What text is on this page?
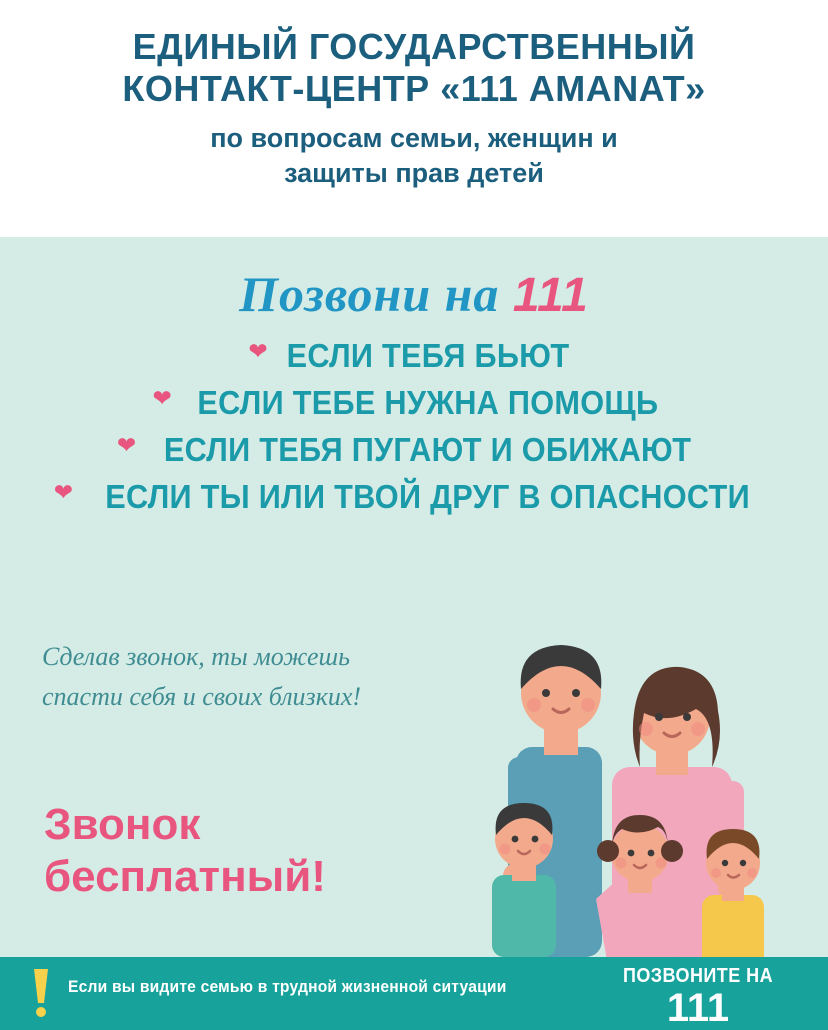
ЕДИНЫЙ ГОСУДАРСТВЕННЫЙ
КОНТАКТ-ЦЕНТР «111 AMANAT»
по вопросам семьи, женщин и
защиты прав детей
Позвони на 111
❤ ЕСЛИ ТЕБЯ БЬЮТ
❤ ЕСЛИ ТЕБЕ НУЖНА ПОМОЩЬ
❤ ЕСЛИ ТЕБЯ ПУГАЮТ И ОБИЖАЮТ
❤ ЕСЛИ ТЫ ИЛИ ТВОЙ ДРУГ В ОПАСНОСТИ
Сделав звонок, ты можешь
спасти себя и своих близких!
Звонок
бесплатный!
Если вы видите семью в трудной жизненной ситуации	ПОЗВОНИТЕ НА
111
